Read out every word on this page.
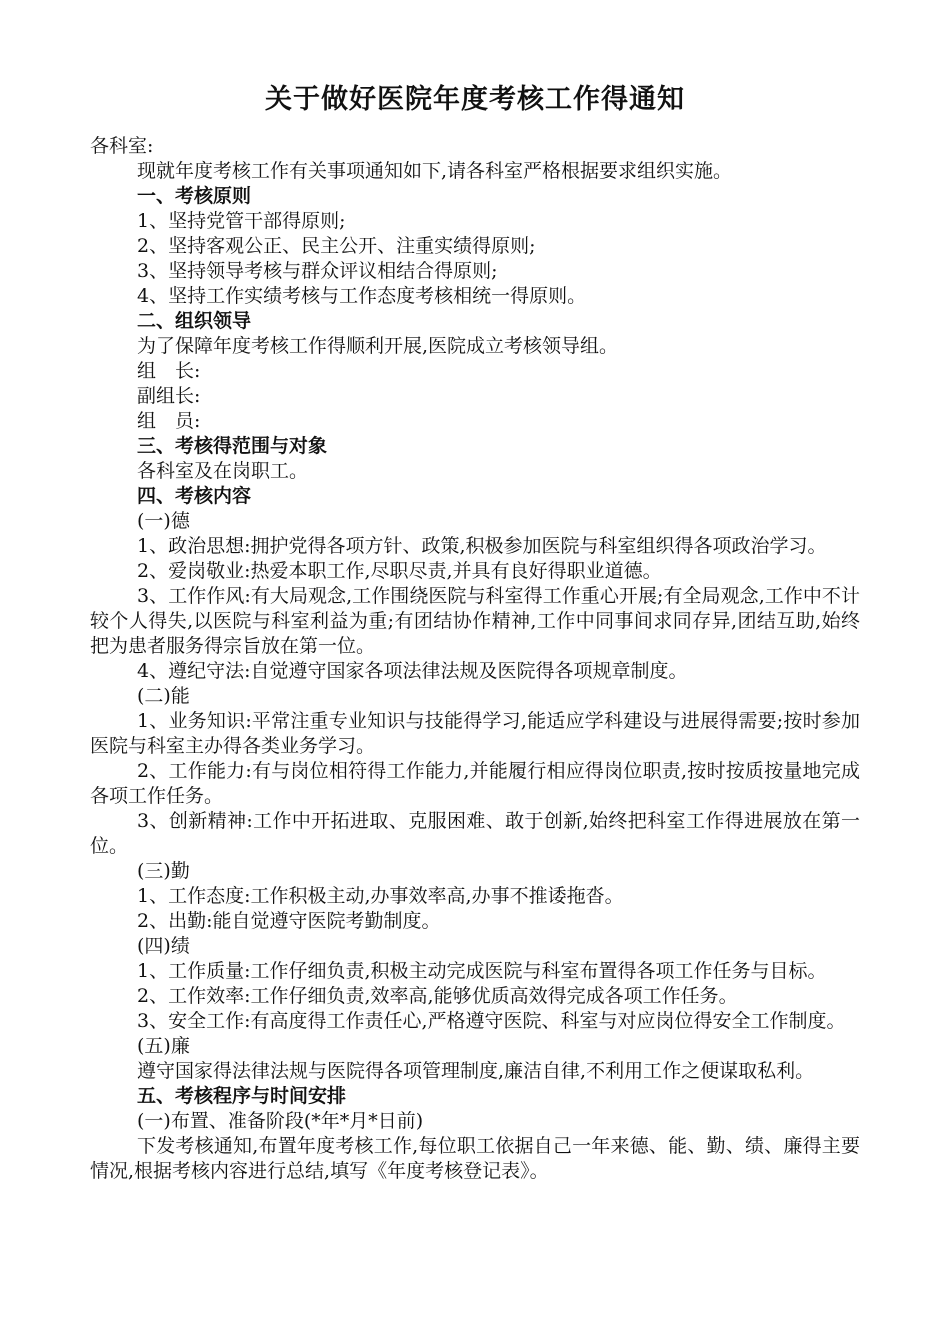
关于做好医院年度考核工作得通知

各科室:

现就年度考核工作有关事项通知如下,请各科室严格根据要求组织实施。

一、考核原则

1、坚持党管干部得原则;

2、坚持客观公正、民主公开、注重实绩得原则;

3、坚持领导考核与群众评议相结合得原则;

4、坚持工作实绩考核与工作态度考核相统一得原则。

二、组织领导

为了保障年度考核工作得顺利开展,医院成立考核领导组。

组　长:

副组长:

组　员:

三、考核得范围与对象

各科室及在岗职工。

四、考核内容

(一)德

1、政治思想:拥护党得各项方针、政策,积极参加医院与科室组织得各项政治学习。

2、爱岗敬业:热爱本职工作,尽职尽责,并具有良好得职业道德。

3、工作作风:有大局观念,工作围绕医院与科室得工作重心开展;有全局观念,工作中不计较个人得失,以医院与科室利益为重;有团结协作精神,工作中同事间求同存异,团结互助,始终把为患者服务得宗旨放在第一位。

4、遵纪守法:自觉遵守国家各项法律法规及医院得各项规章制度。

(二)能

1、业务知识:平常注重专业知识与技能得学习,能适应学科建设与进展得需要;按时参加医院与科室主办得各类业务学习。

2、工作能力:有与岗位相符得工作能力,并能履行相应得岗位职责,按时按质按量地完成各项工作任务。

3、创新精神:工作中开拓进取、克服困难、敢于创新,始终把科室工作得进展放在第一位。

(三)勤

1、工作态度:工作积极主动,办事效率高,办事不推诿拖沓。

2、出勤:能自觉遵守医院考勤制度。

(四)绩

1、工作质量:工作仔细负责,积极主动完成医院与科室布置得各项工作任务与目标。

2、工作效率:工作仔细负责,效率高,能够优质高效得完成各项工作任务。

3、安全工作:有高度得工作责任心,严格遵守医院、科室与对应岗位得安全工作制度。

(五)廉

遵守国家得法律法规与医院得各项管理制度,廉洁自律,不利用工作之便谋取私利。

五、考核程序与时间安排

(一)布置、准备阶段(*年*月*日前)

下发考核通知,布置年度考核工作,每位职工依据自己一年来德、能、勤、绩、廉得主要情况,根据考核内容进行总结,填写《年度考核登记表》。
